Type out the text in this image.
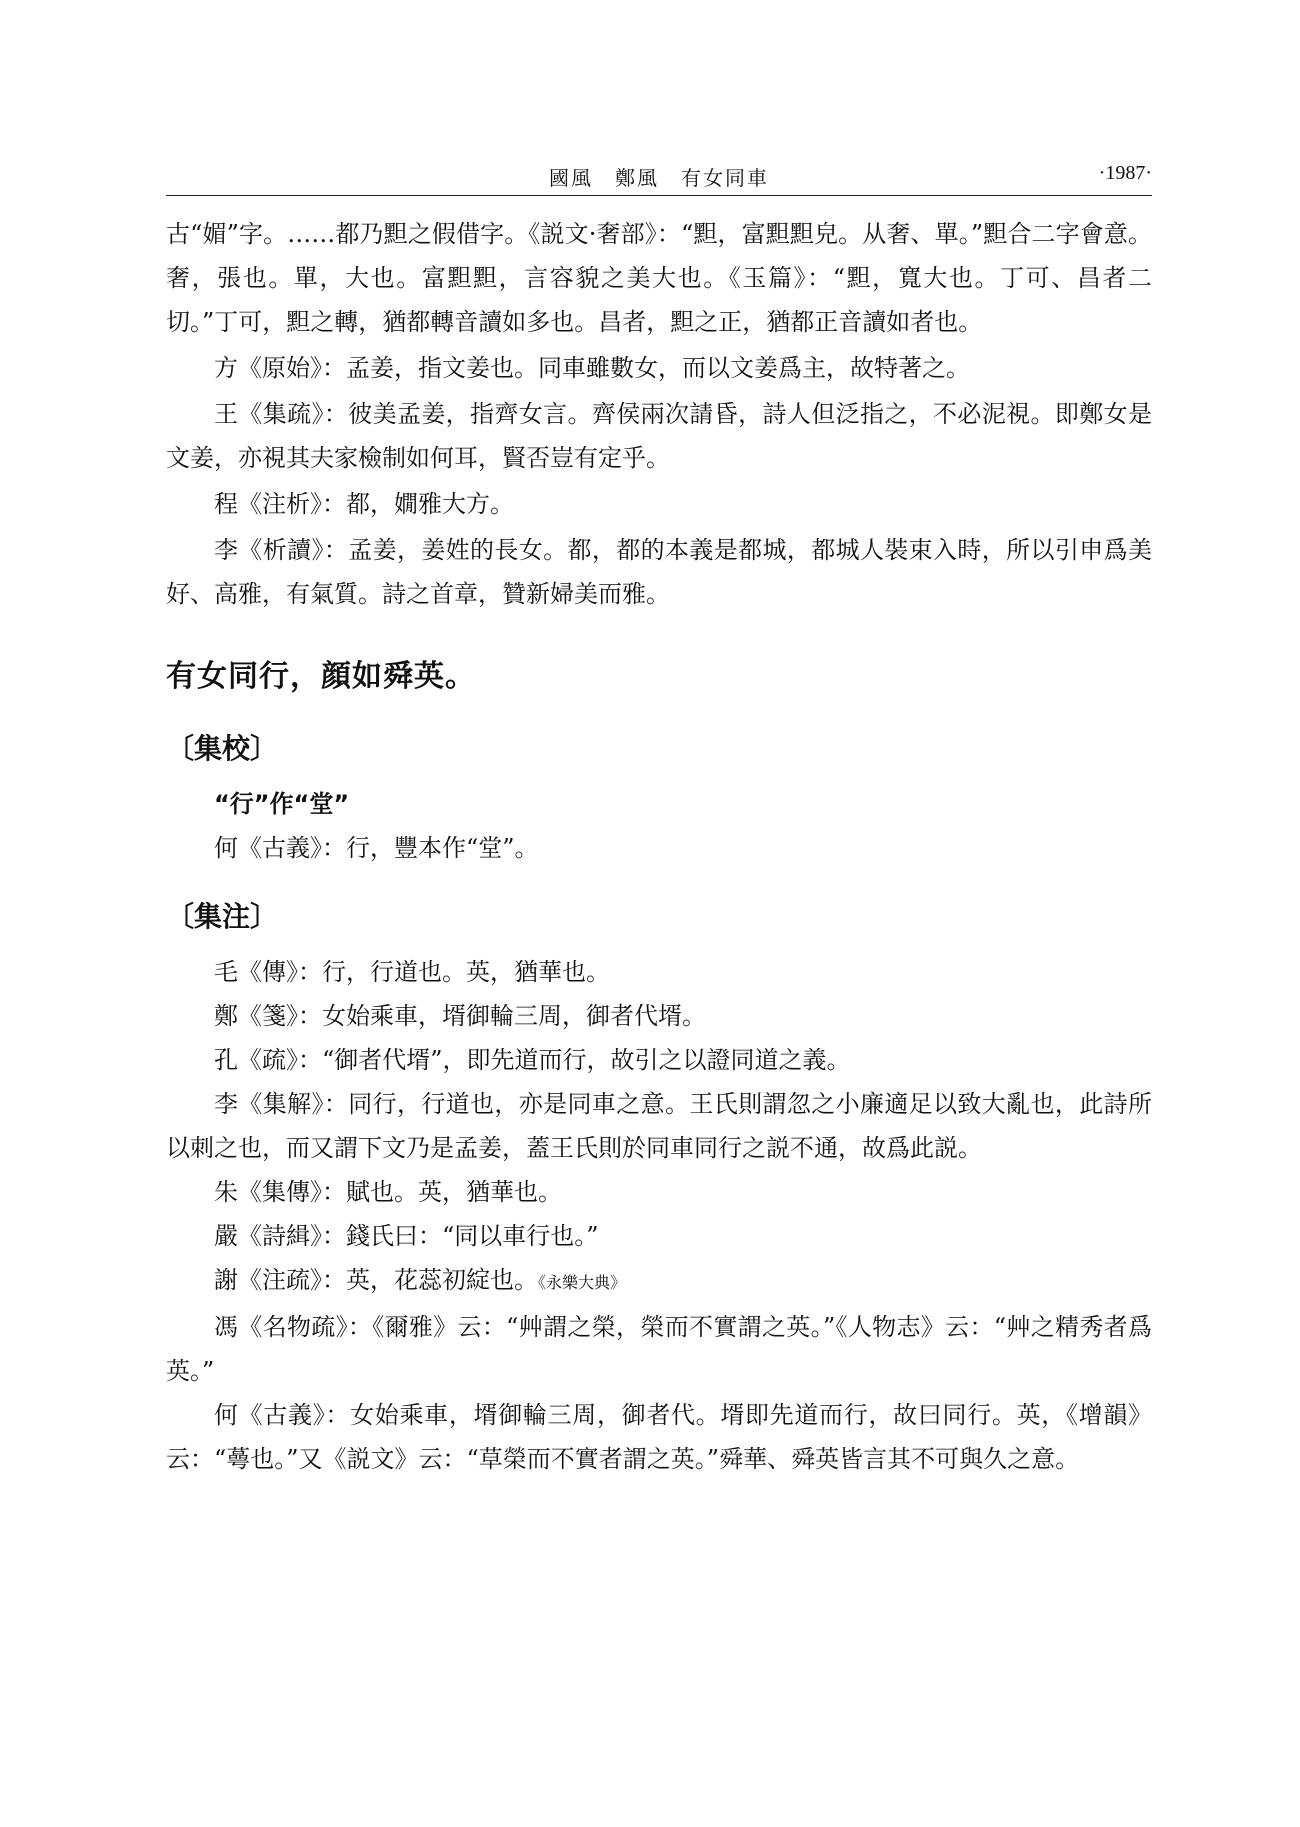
國風　鄭風　有女同車	·1987·

古“媚”字。……都乃䵣之假借字。《説文·奢部》：“䵣，富䵣䵣皃。从奢、單。”䵣合二字會意。奢，張也。單，大也。富䵣䵣，言容貌之美大也。《玉篇》：“䵣，寬大也。丁可、昌者二切。”丁可，䵣之轉，猶都轉音讀如多也。昌者，䵣之正，猶都正音讀如者也。

方《原始》：孟姜，指文姜也。同車雖數女，而以文姜爲主，故特著之。

王《集疏》：彼美孟姜，指齊女言。齊侯兩次請昏，詩人但泛指之，不必泥視。即鄭女是文姜，亦視其夫家檢制如何耳，賢否豈有定乎。

程《注析》：都，嫺雅大方。

李《析讀》：孟姜，姜姓的長女。都，都的本義是都城，都城人裝束入時，所以引申爲美好、高雅，有氣質。詩之首章，贊新婦美而雅。

有女同行，顔如舜英。
〔集校〕
“行”作“堂”

何《古義》：行，豐本作“堂”。

〔集注〕

毛《傳》：行，行道也。英，猶華也。

鄭《箋》：女始乘車，壻御輪三周，御者代壻。

孔《疏》：“御者代壻”，即先道而行，故引之以證同道之義。

李《集解》：同行，行道也，亦是同車之意。王氏則謂忽之小廉適足以致大亂也，此詩所以刺之也，而又謂下文乃是孟姜，蓋王氏則於同車同行之説不通，故爲此説。

朱《集傳》：賦也。英，猶華也。

嚴《詩緝》：錢氏曰：“同以車行也。”

謝《注疏》：英，花蕊初綻也。《永樂大典》

馮《名物疏》：《爾雅》云：“艸謂之榮，榮而不實謂之英。”《人物志》云：“艸之精秀者爲英。”

何《古義》：女始乘車，壻御輪三周，御者代。壻即先道而行，故曰同行。英，《增韻》云：“蕚也。”又《説文》云：“草榮而不實者謂之英。”舜華、舜英皆言其不可與久之意。
